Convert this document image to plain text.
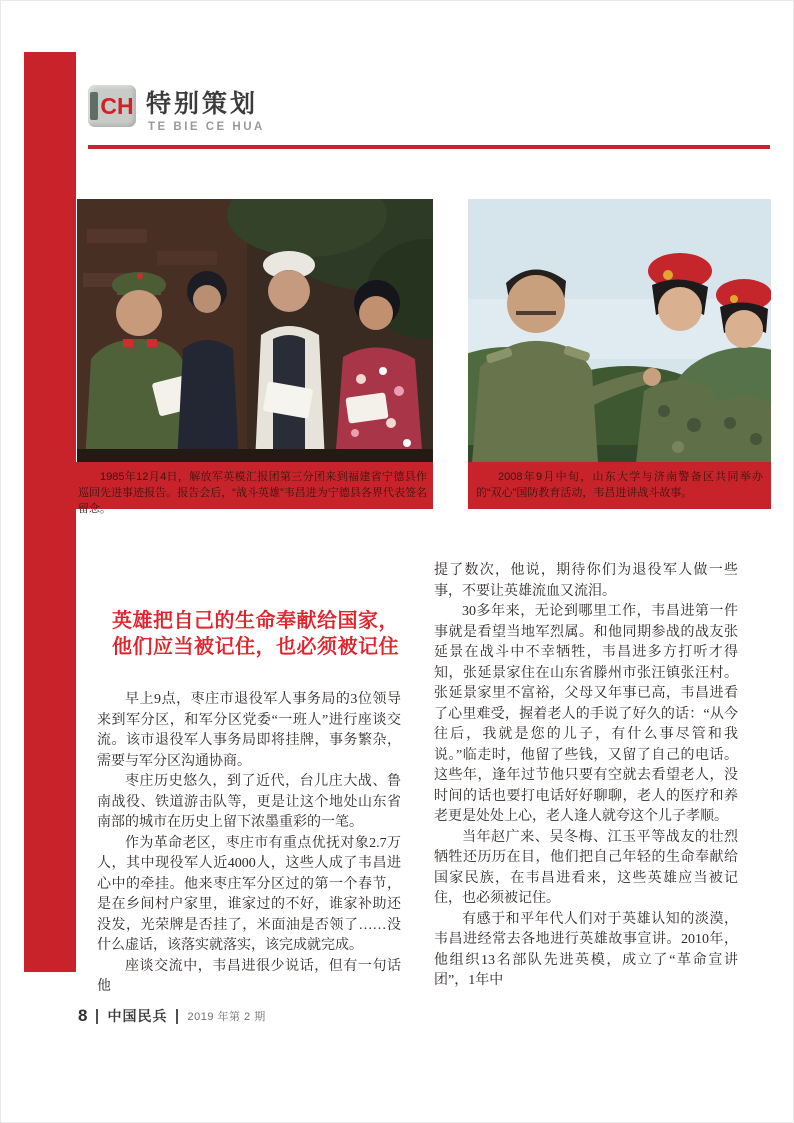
CH 特别策划
TE BIE CE HUA
1985年12月4日，解放军英模汇报团第三分团来到福建省宁德县作巡回先进事迹报告。报告会后，“战斗英雄”韦昌进为宁德县各界代表签名留念。
2008年9月中旬，山东大学与济南警备区共同举办的“双心”国防教育活动，韦昌进讲战斗故事。
英雄把自己的生命奉献给国家，
他们应当被记住，也必须被记住

早上9点，枣庄市退役军人事务局的3位领导来到军分区，和军分区党委“一班人”进行座谈交流。该市退役军人事务局即将挂牌，事务繁杂，需要与军分区沟通协商。

枣庄历史悠久，到了近代，台儿庄大战、鲁南战役、铁道游击队等，更是让这个地处山东省南部的城市在历史上留下浓墨重彩的一笔。

作为革命老区，枣庄市有重点优抚对象2.7万人，其中现役军人近4000人，这些人成了韦昌进心中的牵挂。他来枣庄军分区过的第一个春节，是在乡间村户家里，谁家过的不好，谁家补助还没发，光荣牌是否挂了，米面油是否领了……没什么虚话，该落实就落实，该完成就完成。

座谈交流中，韦昌进很少说话，但有一句话他

提了数次，他说，期待你们为退役军人做一些事，不要让英雄流血又流泪。

30多年来，无论到哪里工作，韦昌进第一件事就是看望当地军烈属。和他同期参战的战友张延景在战斗中不幸牺牲，韦昌进多方打听才得知，张延景家住在山东省滕州市张汪镇张汪村。张延景家里不富裕，父母又年事已高，韦昌进看了心里难受，握着老人的手说了好久的话：“从今往后，我就是您的儿子，有什么事尽管和我说。”临走时，他留了些钱，又留了自己的电话。这些年，逢年过节他只要有空就去看望老人，没时间的话也要打电话好好聊聊，老人的医疗和养老更是处处上心，老人逢人就夸这个儿子孝顺。

当年赵广来、吴冬梅、江玉平等战友的壮烈牺牲还历历在目，他们把自己年轻的生命奉献给国家民族，在韦昌进看来，这些英雄应当被记住，也必须被记住。

有感于和平年代人们对于英雄认知的淡漠，韦昌进经常去各地进行英雄故事宣讲。2010年，他组织13名部队先进英模，成立了“革命宣讲团”，1年中

8 中国民兵 2019 年第 2 期
